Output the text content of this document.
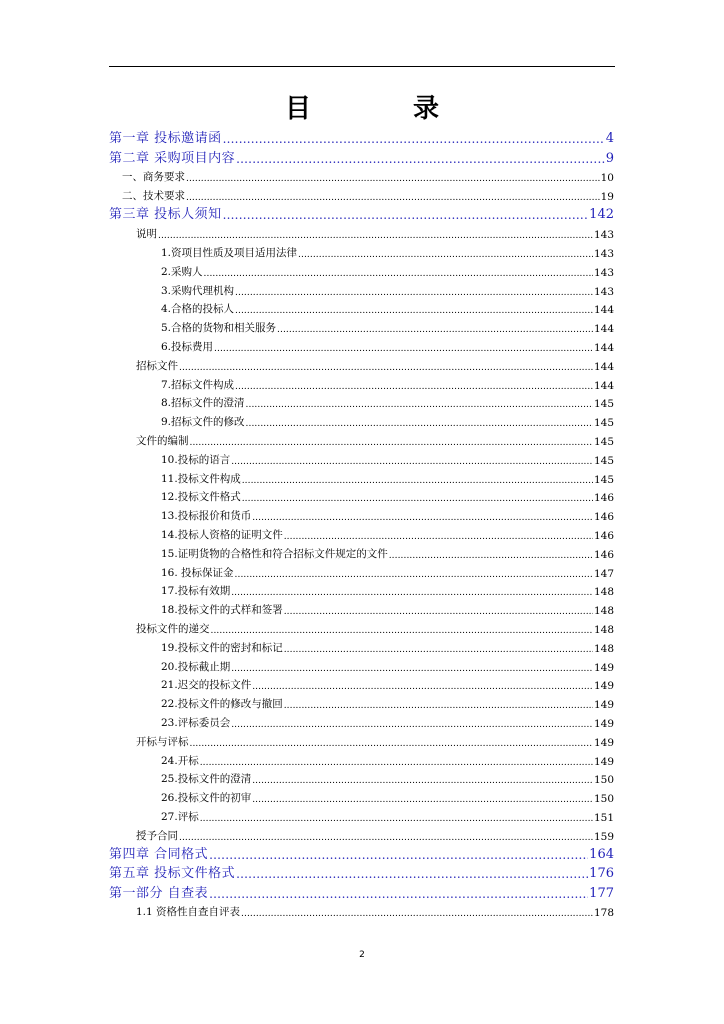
目　录
第一章 投标邀请函 .....	4
第二章 采购项目内容 .....	9
一、商务要求 .....	10
二、技术要求 .....	19
第三章 投标人须知 .....	142
说明 .....	143
1.资项目性质及项目适用法律 .....	143
2.采购人 .....	143
3.采购代理机构 .....	143
4.合格的投标人 .....	144
5.合格的货物和相关服务 .....	144
6.投标费用 .....	144
招标文件 .....	144
7.招标文件构成 .....	144
8.招标文件的澄清 .....	145
9.招标文件的修改 .....	145
文件的编制 .....	145
10.投标的语言 .....	145
11.投标文件构成 .....	145
12.投标文件格式 .....	146
13.投标报价和货币 .....	146
14.投标人资格的证明文件 .....	146
15.证明货物的合格性和符合招标文件规定的文件 .....	146
16. 投标保证金 .....	147
17.投标有效期 .....	148
18.投标文件的式样和签署 .....	148
投标文件的递交 .....	148
19.投标文件的密封和标记 .....	148
20.投标截止期 .....	149
21.迟交的投标文件 .....	149
22.投标文件的修改与撤回 .....	149
23.评标委员会 .....	149
开标与评标 .....	149
24.开标 .....	149
25.投标文件的澄清 .....	150
26.投标文件的初审 .....	150
27.评标 .....	151
授予合同 .....	159
第四章 合同格式 .....	164
第五章 投标文件格式 .....	176
第一部分 自查表 .....	177
1.1 资格性自查自评表 .....	178
2
